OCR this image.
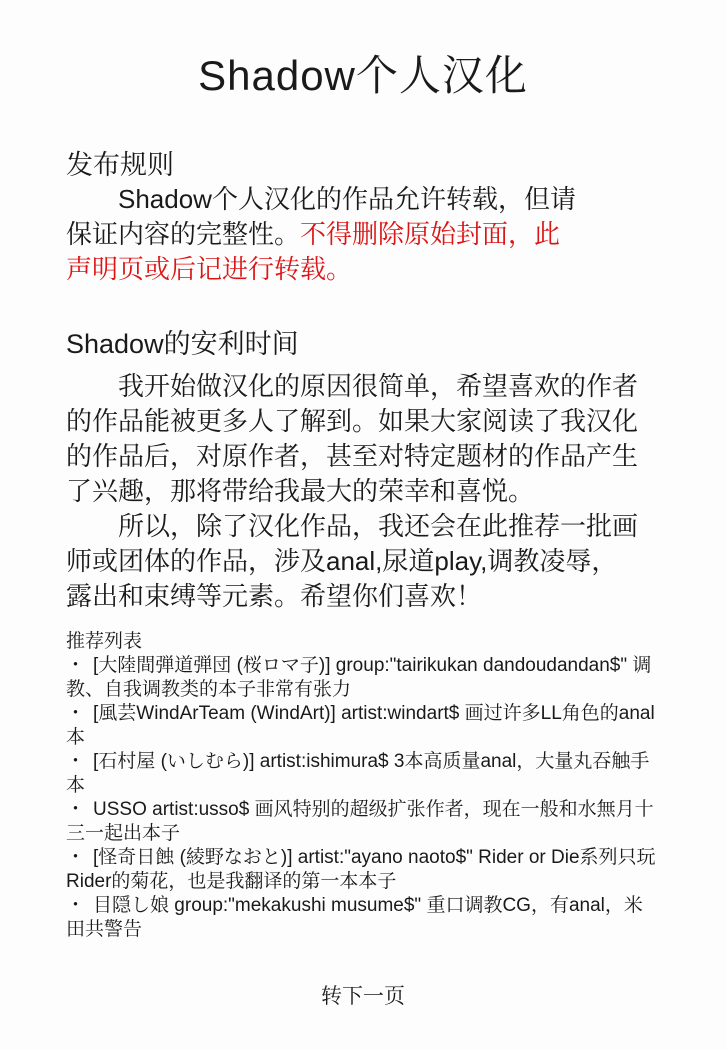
Shadow个人汉化
发布规则
Shadow个人汉化的作品允许转载，但请
保证内容的完整性。不得删除原始封面，此
声明页或后记进行转载。
Shadow的安利时间
我开始做汉化的原因很简单，希望喜欢的作者
的作品能被更多人了解到。如果大家阅读了我汉化
的作品后，对原作者，甚至对特定题材的作品产生
了兴趣，那将带给我最大的荣幸和喜悦。
所以，除了汉化作品，我还会在此推荐一批画
师或团体的作品，涉及anal,尿道play,调教凌辱，
露出和束缚等元素。希望你们喜欢！
推荐列表
・ [大陸間弾道弾団 (桜ロマ子)] group:"tairikukan dandoudandan$" 调教、自我调教类的本子非常有张力
・ [風芸WindArTeam (WindArt)] artist:windart$ 画过许多LL角色的anal本
・ [石村屋 (いしむら)] artist:ishimura$ 3本高质量anal，大量丸吞触手本
・ USSO artist:usso$ 画风特别的超级扩张作者，现在一般和水無月十三一起出本子
・ [怪奇日蝕 (綾野なおと)] artist:"ayano naoto$" Rider or Die系列只玩Rider的菊花，也是我翻译的第一本本子
・ 目隠し娘 group:"mekakushi musume$" 重口调教CG，有anal，米田共警告
转下一页
